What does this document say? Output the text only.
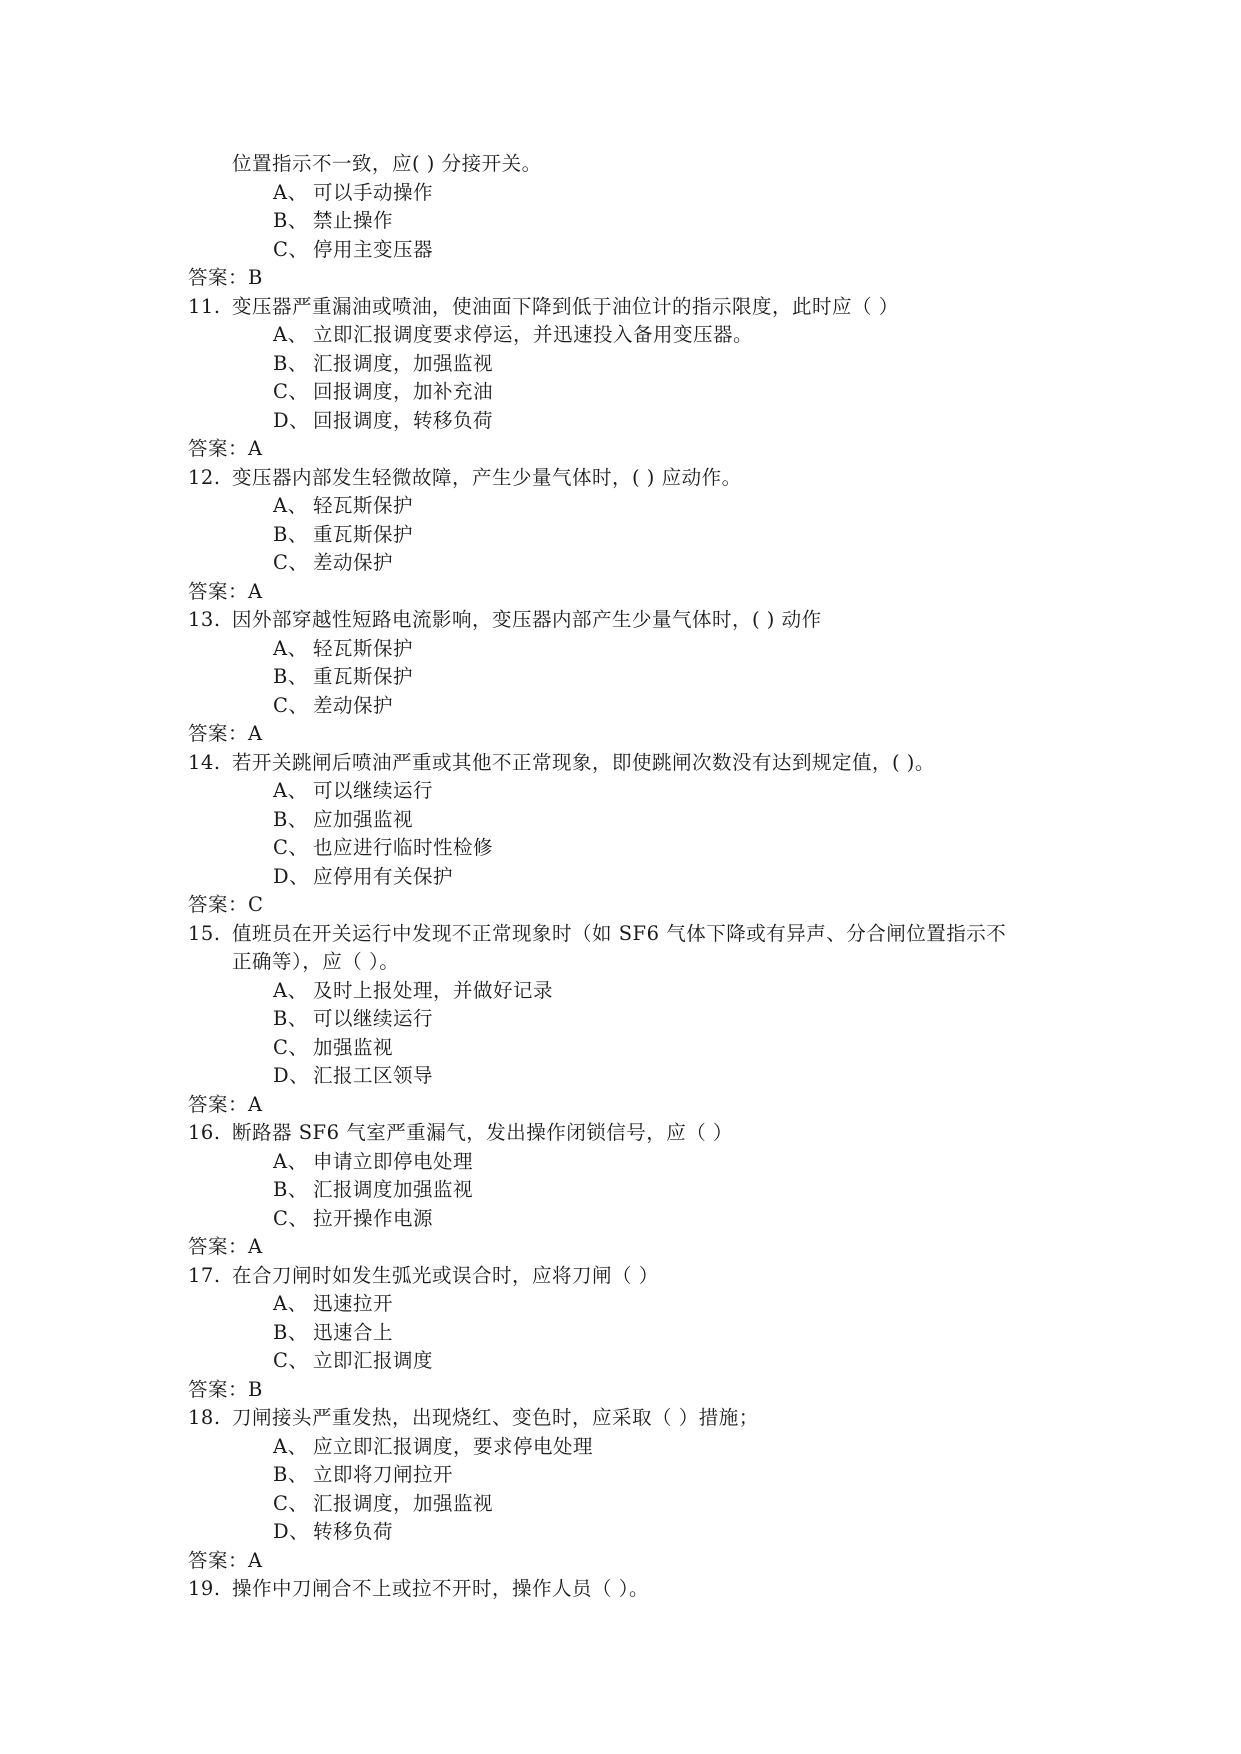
位置指示不一致，应( ) 分接开关。
A、 可以手动操作
B、 禁止操作
C、 停用主变压器
答案：B
11. 变压器严重漏油或喷油，使油面下降到低于油位计的指示限度，此时应（ ）
A、 立即汇报调度要求停运，并迅速投入备用变压器。
B、 汇报调度，加强监视
C、 回报调度，加补充油
D、 回报调度，转移负荷
答案：A
12. 变压器内部发生轻微故障，产生少量气体时，( ) 应动作。
A、 轻瓦斯保护
B、 重瓦斯保护
C、 差动保护
答案：A
13. 因外部穿越性短路电流影响，变压器内部产生少量气体时，( ) 动作
A、 轻瓦斯保护
B、 重瓦斯保护
C、 差动保护
答案：A
14. 若开关跳闸后喷油严重或其他不正常现象，即使跳闸次数没有达到规定值，( )。
A、 可以继续运行
B、 应加强监视
C、 也应进行临时性检修
D、 应停用有关保护
答案：C
15. 值班员在开关运行中发现不正常现象时（如 SF6 气体下降或有异声、分合闸位置指示不
正确等），应（ ）。
A、 及时上报处理，并做好记录
B、 可以继续运行
C、 加强监视
D、 汇报工区领导
答案：A
16. 断路器 SF6 气室严重漏气，发出操作闭锁信号，应（ ）
A、 申请立即停电处理
B、 汇报调度加强监视
C、 拉开操作电源
答案：A
17. 在合刀闸时如发生弧光或误合时，应将刀闸（ ）
A、 迅速拉开
B、 迅速合上
C、 立即汇报调度
答案：B
18. 刀闸接头严重发热，出现烧红、变色时，应采取（ ）措施；
A、 应立即汇报调度，要求停电处理
B、 立即将刀闸拉开
C、 汇报调度，加强监视
D、 转移负荷
答案：A
19. 操作中刀闸合不上或拉不开时，操作人员（ ）。
